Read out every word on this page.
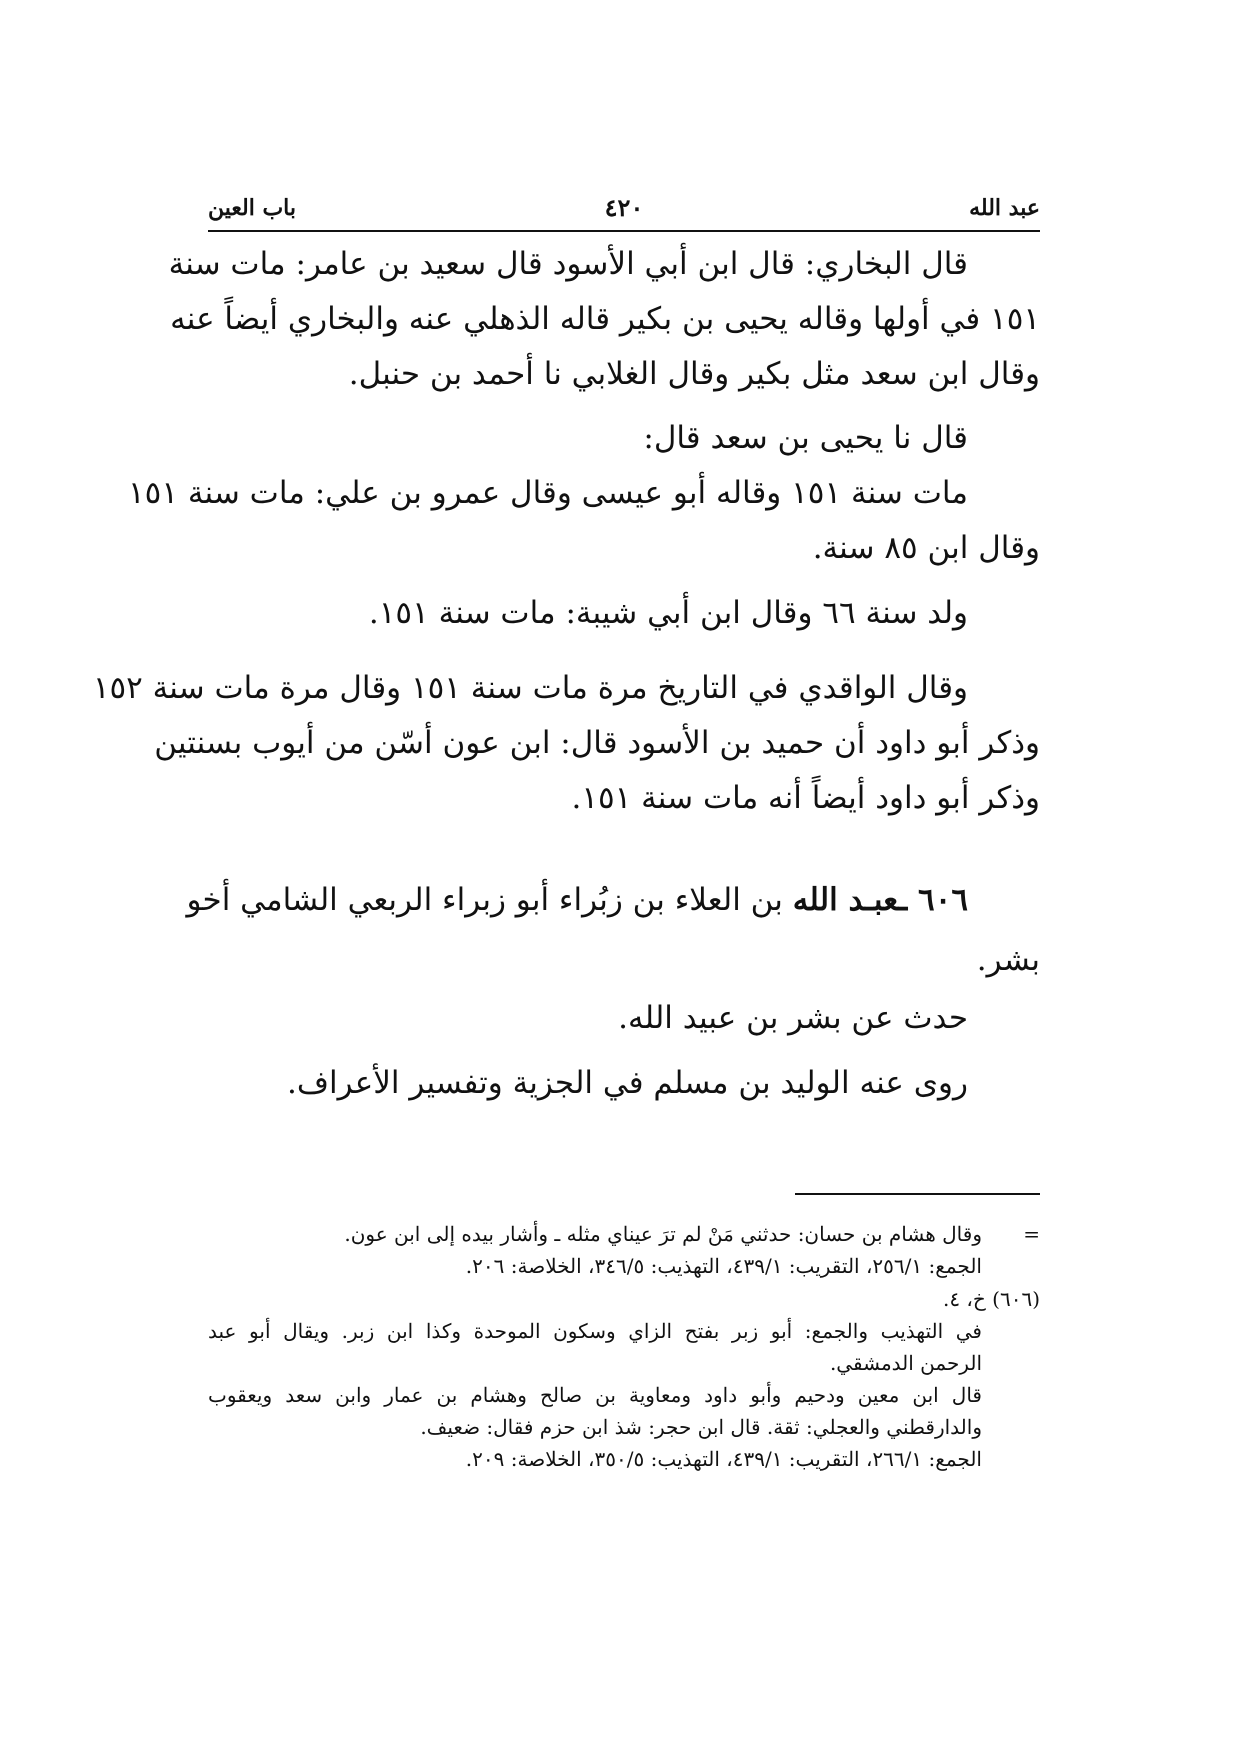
عبد الله
٤٢٠
باب العين
قال البخاري: قال ابن أبي الأسود قال سعيد بن عامر: مات سنة
١٥١ في أولها وقاله يحيى بن بكير قاله الذهلي عنه والبخاري أيضاً عنه
وقال ابن سعد مثل بكير وقال الغلابي نا أحمد بن حنبل.
قال نا يحيى بن سعد قال:
مات سنة ١٥١ وقاله أبو عيسى وقال عمرو بن علي: مات سنة ١٥١
وقال ابن ٨٥ سنة.
ولد سنة ٦٦ وقال ابن أبي شيبة: مات سنة ١٥١.
وقال الواقدي في التاريخ مرة مات سنة ١٥١ وقال مرة مات سنة ١٥٢
وذكر أبو داود أن حميد بن الأسود قال: ابن عون أسّن من أيوب بسنتين
وذكر أبو داود أيضاً أنه مات سنة ١٥١.
٦٠٦ ـعبـد الله بن العلاء بن زبُراء أبو زبراء الربعي الشامي أخو
بشر.
حدث عن بشر بن عبيد الله.
روى عنه الوليد بن مسلم في الجزية وتفسير الأعراف.
=
وقال هشام بن حسان: حدثني مَنْ لم ترَ عيناي مثله ـ وأشار بيده إلى ابن عون.
الجمع: ٢٥٦/١، التقريب: ٤٣٩/١، التهذيب: ٣٤٦/٥، الخلاصة: ٢٠٦.
(٦٠٦) خ، ٤.
في التهذيب والجمع: أبو زبر بفتح الزاي وسكون الموحدة وكذا ابن زبر. ويقال أبو عبد
الرحمن الدمشقي.
قال ابن معين ودحيم وأبو داود ومعاوية بن صالح وهشام بن عمار وابن سعد ويعقوب
والدارقطني والعجلي: ثقة. قال ابن حجر: شذ ابن حزم فقال: ضعيف.
الجمع: ٢٦٦/١، التقريب: ٤٣٩/١، التهذيب: ٣٥٠/٥، الخلاصة: ٢٠٩.
